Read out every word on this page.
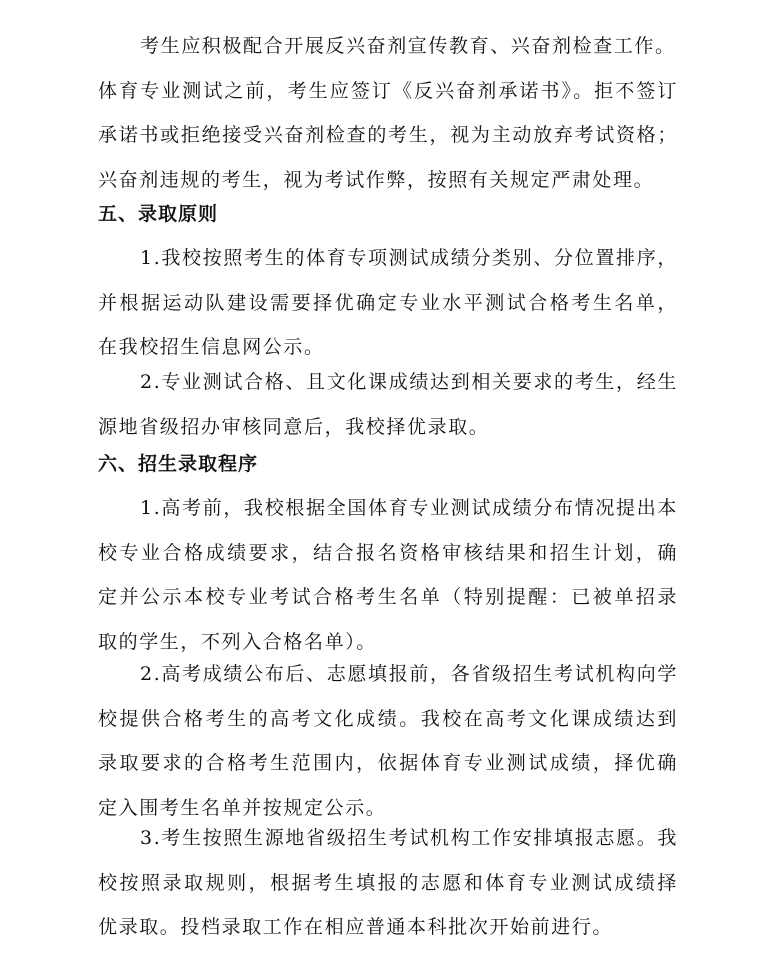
考生应积极配合开展反兴奋剂宣传教育、兴奋剂检查工作。
体育专业测试之前，考生应签订《反兴奋剂承诺书》。拒不签订
承诺书或拒绝接受兴奋剂检查的考生，视为主动放弃考试资格；
兴奋剂违规的考生，视为考试作弊，按照有关规定严肃处理。
五、录取原则
1.我校按照考生的体育专项测试成绩分类别、分位置排序，
并根据运动队建设需要择优确定专业水平测试合格考生名单，
在我校招生信息网公示。
2.专业测试合格、且文化课成绩达到相关要求的考生，经生
源地省级招办审核同意后，我校择优录取。
六、招生录取程序
1.高考前，我校根据全国体育专业测试成绩分布情况提出本
校专业合格成绩要求，结合报名资格审核结果和招生计划，确
定并公示本校专业考试合格考生名单（特别提醒：已被单招录
取的学生，不列入合格名单）。
2.高考成绩公布后、志愿填报前，各省级招生考试机构向学
校提供合格考生的高考文化成绩。我校在高考文化课成绩达到
录取要求的合格考生范围内，依据体育专业测试成绩，择优确
定入围考生名单并按规定公示。
3.考生按照生源地省级招生考试机构工作安排填报志愿。我
校按照录取规则，根据考生填报的志愿和体育专业测试成绩择
优录取。投档录取工作在相应普通本科批次开始前进行。
